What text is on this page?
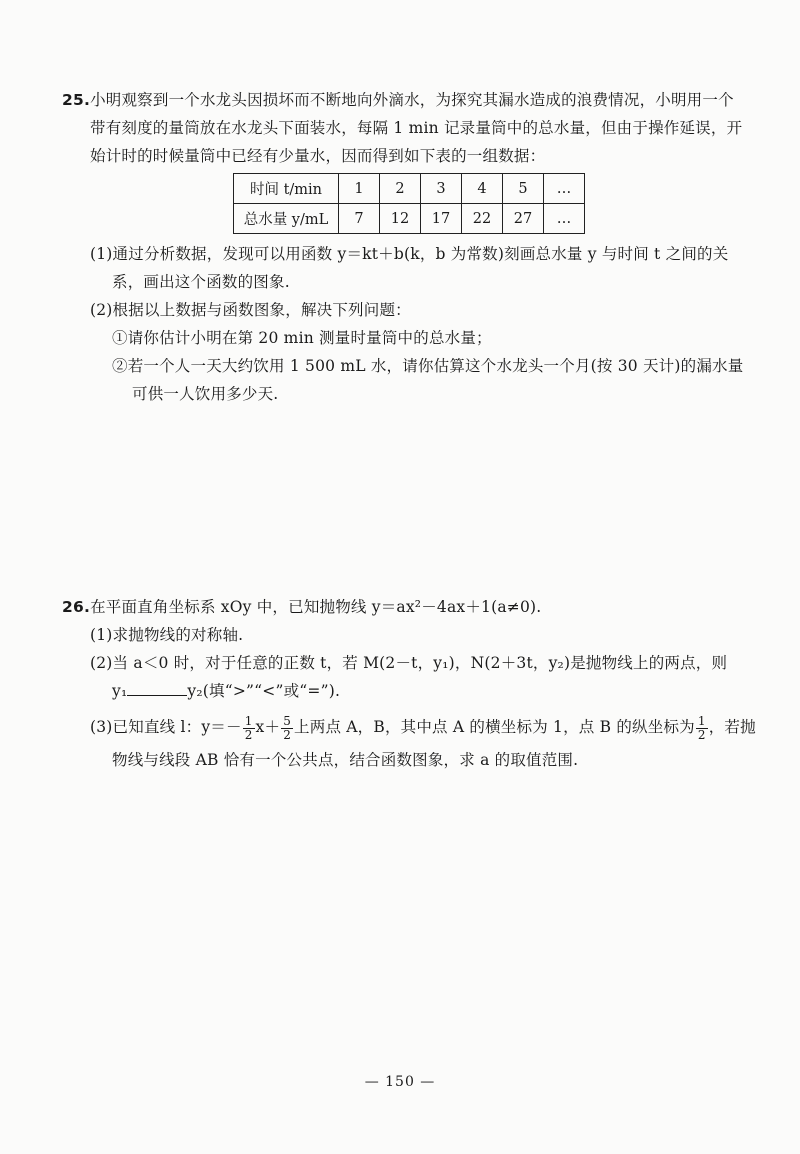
25.小明观察到一个水龙头因损坏而不断地向外滴水，为探究其漏水造成的浪费情况，小明用一个
带有刻度的量筒放在水龙头下面装水，每隔 1 min 记录量筒中的总水量，但由于操作延误，开
始计时的时候量筒中已经有少量水，因而得到如下表的一组数据：
时间 t/min	1	2	3	4	5	…
总水量 y/mL	7	12	17	22	27	…
(1)通过分析数据，发现可以用函数 y＝kt＋b(k，b 为常数)刻画总水量 y 与时间 t 之间的关
系，画出这个函数的图象.
(2)根据以上数据与函数图象，解决下列问题：
①请你估计小明在第 20 min 测量时量筒中的总水量；
②若一个人一天大约饮用 1 500 mL 水，请你估算这个水龙头一个月(按 30 天计)的漏水量
可供一人饮用多少天.
26.在平面直角坐标系 xOy 中，已知抛物线 y＝ax²－4ax＋1(a≠0).
(1)求抛物线的对称轴.
(2)当 a＜0 时，对于任意的正数 t，若 M(2－t，y₁)，N(2＋3t，y₂)是抛物线上的两点，则
y₁	y₂(填“>”“<”或“=”).
(3)已知直线 l：$y=- \frac{1}{2} x+ \frac{5}{2}$ 上两点 A，B，其中点 A 的横坐标为 1，点 B 的纵坐标为 $\frac{1}{2}$ ，若抛
物线与线段 AB 恰有一个公共点，结合函数图象，求 a 的取值范围.
— 150 —
